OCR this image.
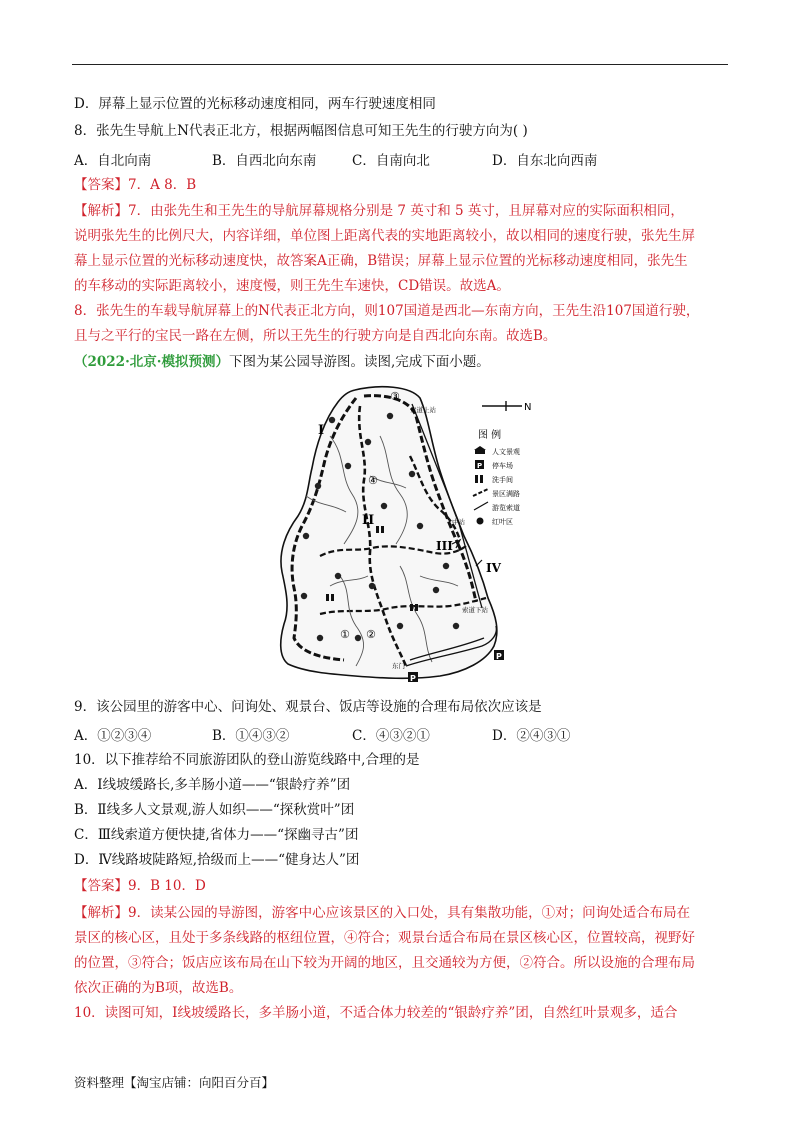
D．屏幕上显示位置的光标移动速度相同，两车行驶速度相同
8．张先生导航上N代表正北方，根据两幅图信息可知王先生的行驶方向为( )
A．自北向南	B．自西北向东南	C．自南向北	D．自东北向西南
【答案】7．A 8．B
【解析】7．由张先生和王先生的导航屏幕规格分别是 7 英寸和 5 英寸，且屏幕对应的实际面积相同，
说明张先生的比例尺大，内容详细，单位图上距离代表的实地距离较小，故以相同的速度行驶，张先生屏
幕上显示位置的光标移动速度快，故答案A正确，B错误；屏幕上显示位置的光标移动速度相同，张先生
的车移动的实际距离较小，速度慢，则王先生车速快，CD错误。故选A。
8．张先生的车载导航屏幕上的N代表正北方向，则107国道是西北—东南方向，王先生沿107国道行驶，
且与之平行的宝民一路在左侧，所以王先生的行驶方向是自西北向东南。故选B。
（2022·北京·模拟预测）下图为某公园导游图。读图,完成下面小题。
I
II
III
IV
③
④
① ②
索道上站
中站
索道下站
东门
P
P
N
图 例
人文景观
P 停车场
洗手间
景区满路
游览索道
红叶区
9．该公园里的游客中心、问询处、观景台、饭店等设施的合理布局依次应该是
A．①②③④	B．①④③②	C．④③②①	D．②④③①
10．以下推荐给不同旅游团队的登山游览线路中,合理的是
A．Ⅰ线坡缓路长,多羊肠小道——“银龄疗养”团
B．Ⅱ线多人文景观,游人如织——“探秋赏叶”团
C．Ⅲ线索道方便快捷,省体力——“探幽寻古”团
D．Ⅳ线路坡陡路短,拾级而上——“健身达人”团
【答案】9．B 10．D
【解析】9．读某公园的导游图，游客中心应该景区的入口处，具有集散功能，①对；问询处适合布局在
景区的核心区，且处于多条线路的枢纽位置，④符合；观景台适合布局在景区核心区，位置较高，视野好
的位置，③符合；饭店应该布局在山下较为开阔的地区，且交通较为方便，②符合。所以设施的合理布局
依次正确的为B项，故选B。
10．读图可知，Ⅰ线坡缓路长，多羊肠小道，不适合体力较差的“银龄疗养”团，自然红叶景观多，适合
资料整理【淘宝店铺：向阳百分百】
